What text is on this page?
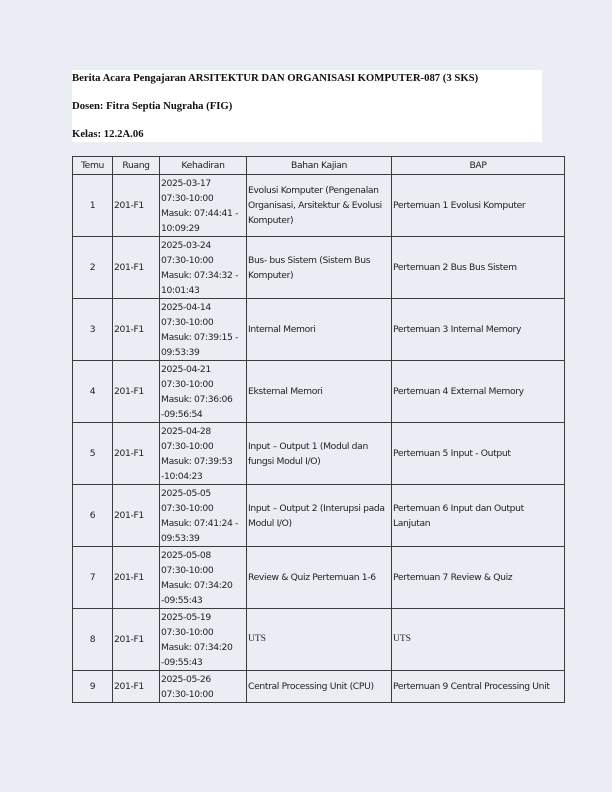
Berita Acara Pengajaran ARSITEKTUR DAN ORGANISASI KOMPUTER-087 (3 SKS)
Dosen: Fitra Septia Nugraha (FIG)
Kelas: 12.2A.06
Temu	Ruang	Kehadiran	Bahan Kajian	BAP
1	201-F1	2025-03-17
07:30-10:00
Masuk: 07:44:41 -
10:09:29	Evolusi Komputer (Pengenalan Organisasi, Arsitektur & Evolusi Komputer)	Pertemuan 1 Evolusi Komputer
2	201-F1	2025-03-24
07:30-10:00
Masuk: 07:34:32 -
10:01:43	Bus- bus Sistem (Sistem Bus Komputer)	Pertemuan 2 Bus Bus Sistem
3	201-F1	2025-04-14
07:30-10:00
Masuk: 07:39:15 -
09:53:39	Internal Memori	Pertemuan 3 Internal Memory
4	201-F1	2025-04-21
07:30-10:00
Masuk: 07:36:06
-09:56:54	Eksternal Memori	Pertemuan 4 External Memory
5	201-F1	2025-04-28
07:30-10:00
Masuk: 07:39:53
-10:04:23	Input – Output 1 (Modul dan fungsi Modul I/O)	Pertemuan 5 Input - Output
6	201-F1	2025-05-05
07:30-10:00
Masuk: 07:41:24 -
09:53:39	Input – Output 2 (Interupsi pada Modul I/O)	Pertemuan 6 Input dan Output Lanjutan
7	201-F1	2025-05-08
07:30-10:00
Masuk: 07:34:20
-09:55:43	Review & Quiz Pertemuan 1-6	Pertemuan 7 Review & Quiz
8	201-F1	2025-05-19
07:30-10:00
Masuk: 07:34:20
-09:55:43	UTS	UTS
9	201-F1	2025-05-26
07:30-10:00	Central Processing Unit (CPU)	Pertemuan 9 Central Processing Unit
